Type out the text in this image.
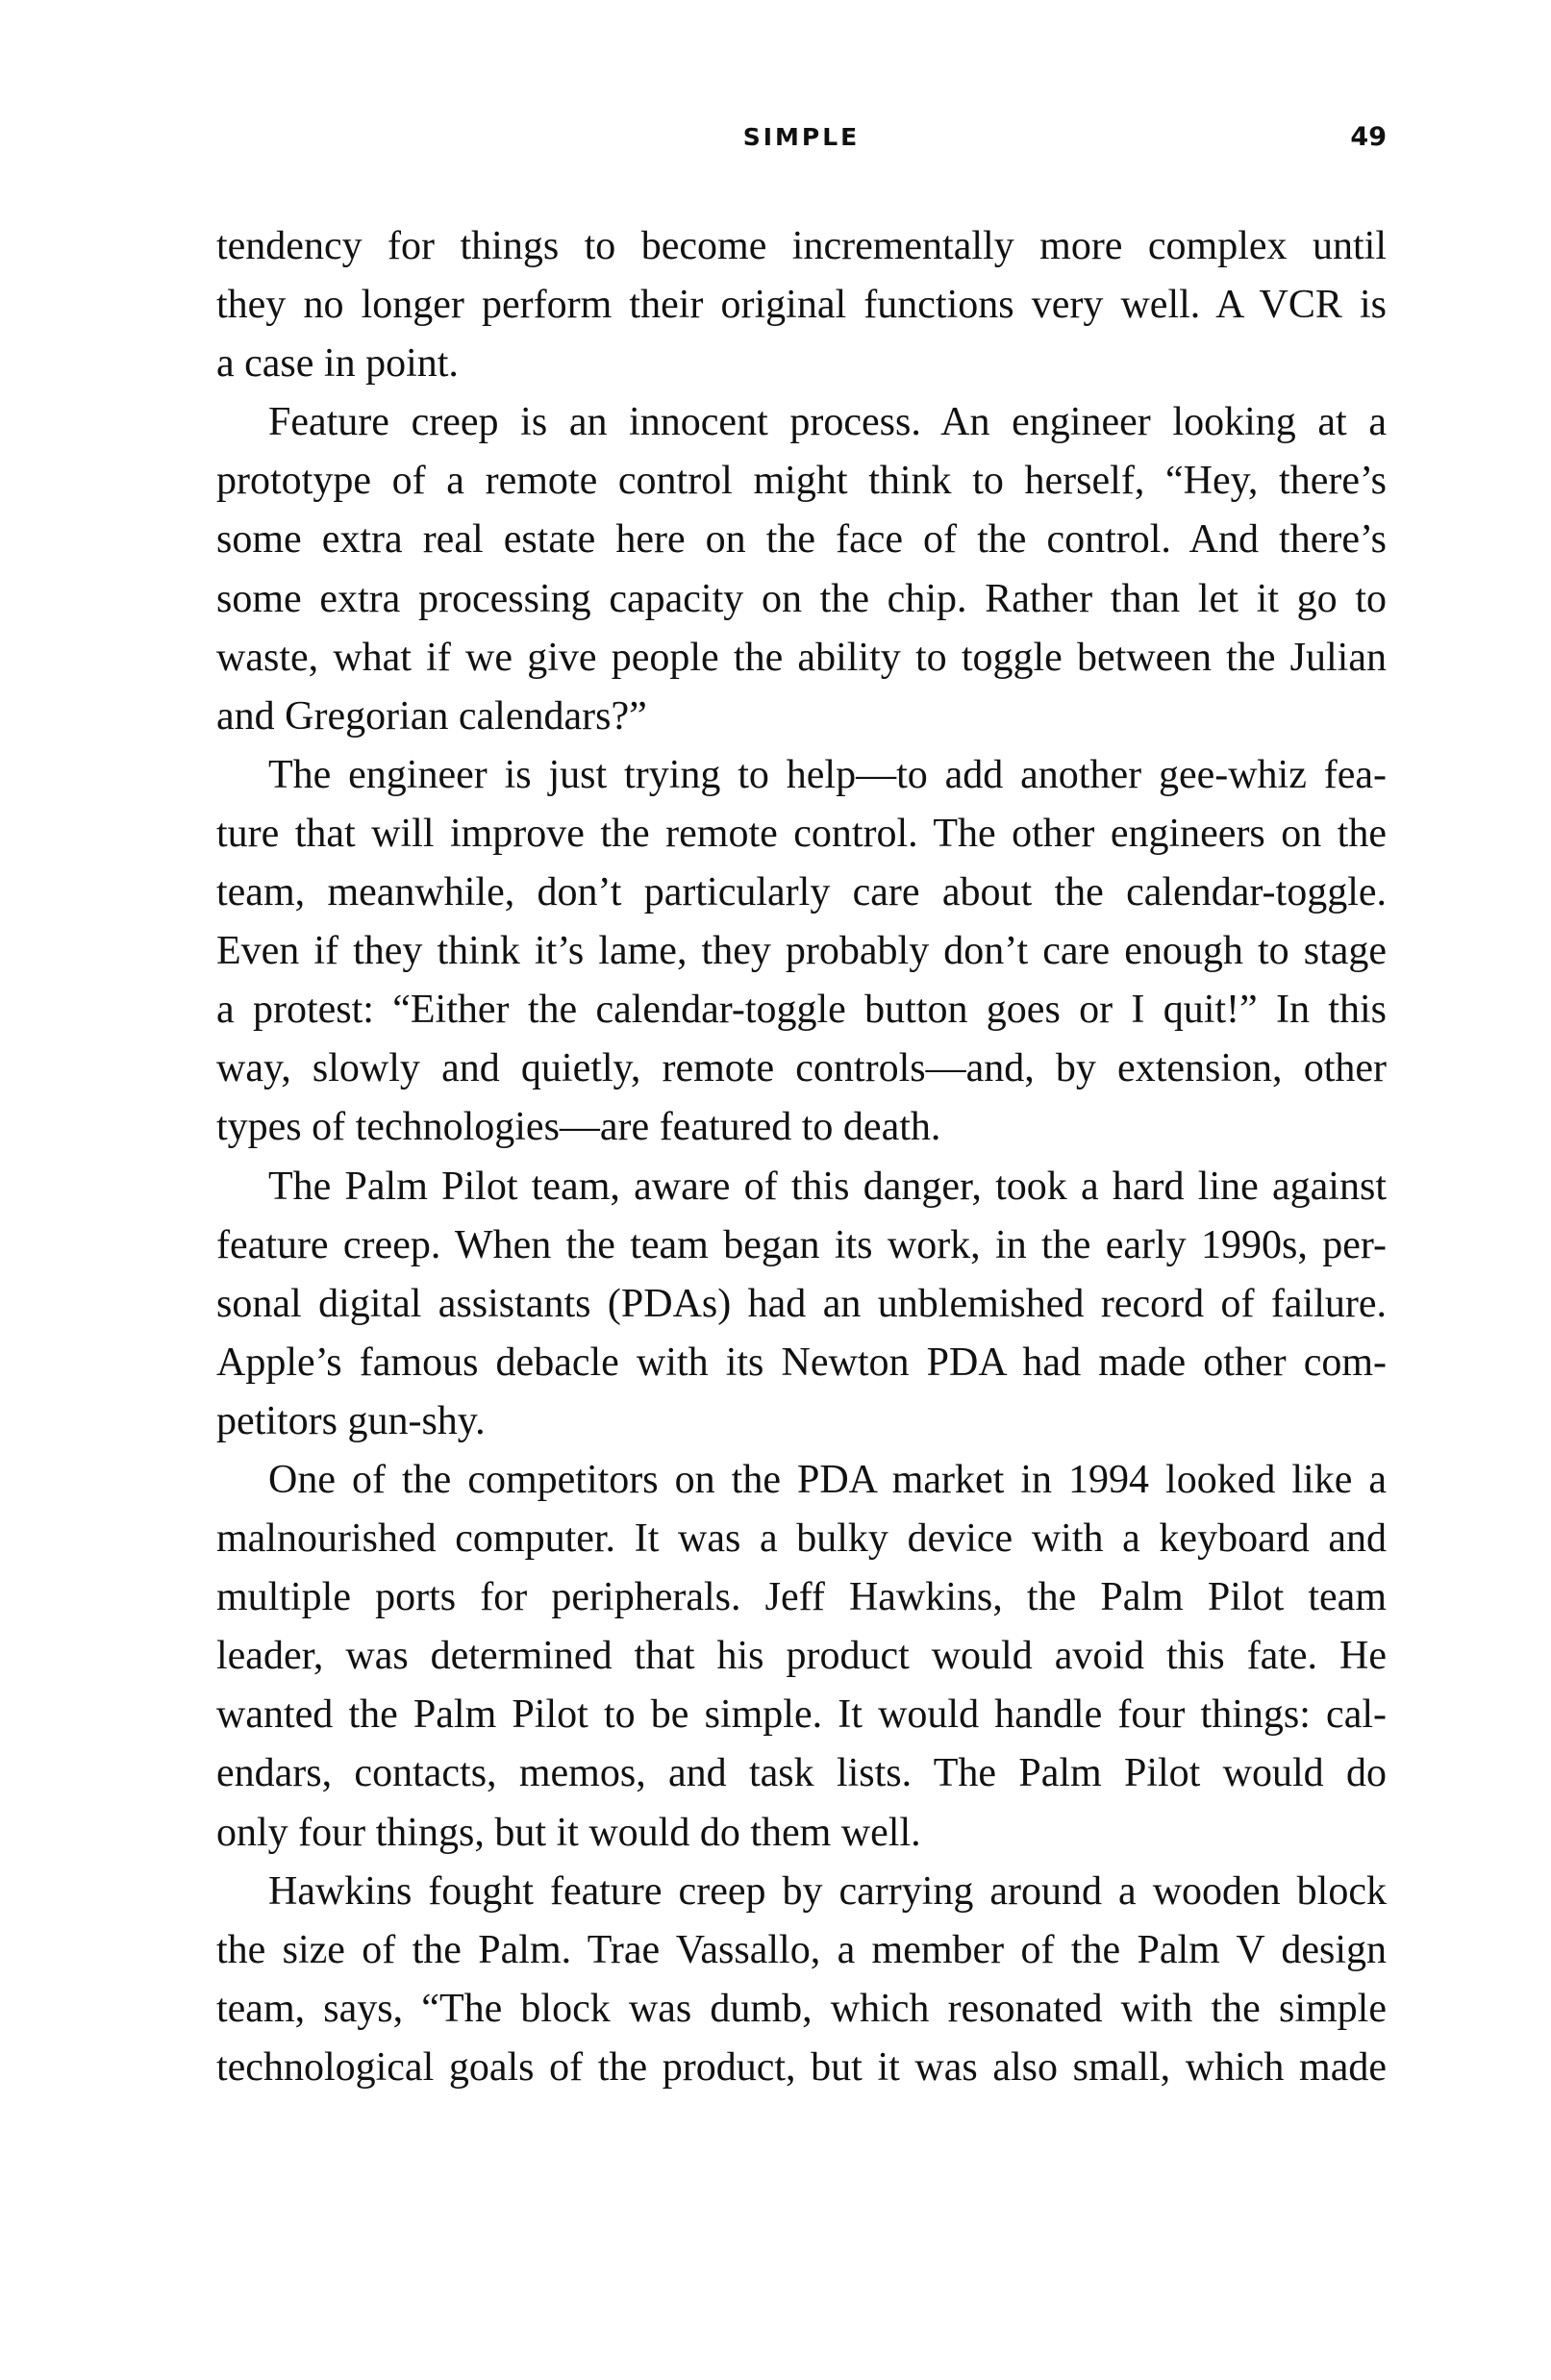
SIMPLE	49
tendency for things to become incrementally more complex until
they no longer perform their original functions very well. A VCR is
a case in point.
Feature creep is an innocent process. An engineer looking at a
prototype of a remote control might think to herself, “Hey, there’s
some extra real estate here on the face of the control. And there’s
some extra processing capacity on the chip. Rather than let it go to
waste, what if we give people the ability to toggle between the Julian
and Gregorian calendars?”
The engineer is just trying to help—to add another gee-whiz fea-
ture that will improve the remote control. The other engineers on the
team, meanwhile, don’t particularly care about the calendar-toggle.
Even if they think it’s lame, they probably don’t care enough to stage
a protest: “Either the calendar-toggle button goes or I quit!” In this
way, slowly and quietly, remote controls—and, by extension, other
types of technologies—are featured to death.
The Palm Pilot team, aware of this danger, took a hard line against
feature creep. When the team began its work, in the early 1990s, per-
sonal digital assistants (PDAs) had an unblemished record of failure.
Apple’s famous debacle with its Newton PDA had made other com-
petitors gun-shy.
One of the competitors on the PDA market in 1994 looked like a
malnourished computer. It was a bulky device with a keyboard and
multiple ports for peripherals. Jeff Hawkins, the Palm Pilot team
leader, was determined that his product would avoid this fate. He
wanted the Palm Pilot to be simple. It would handle four things: cal-
endars, contacts, memos, and task lists. The Palm Pilot would do
only four things, but it would do them well.
Hawkins fought feature creep by carrying around a wooden block
the size of the Palm. Trae Vassallo, a member of the Palm V design
team, says, “The block was dumb, which resonated with the simple
technological goals of the product, but it was also small, which made
